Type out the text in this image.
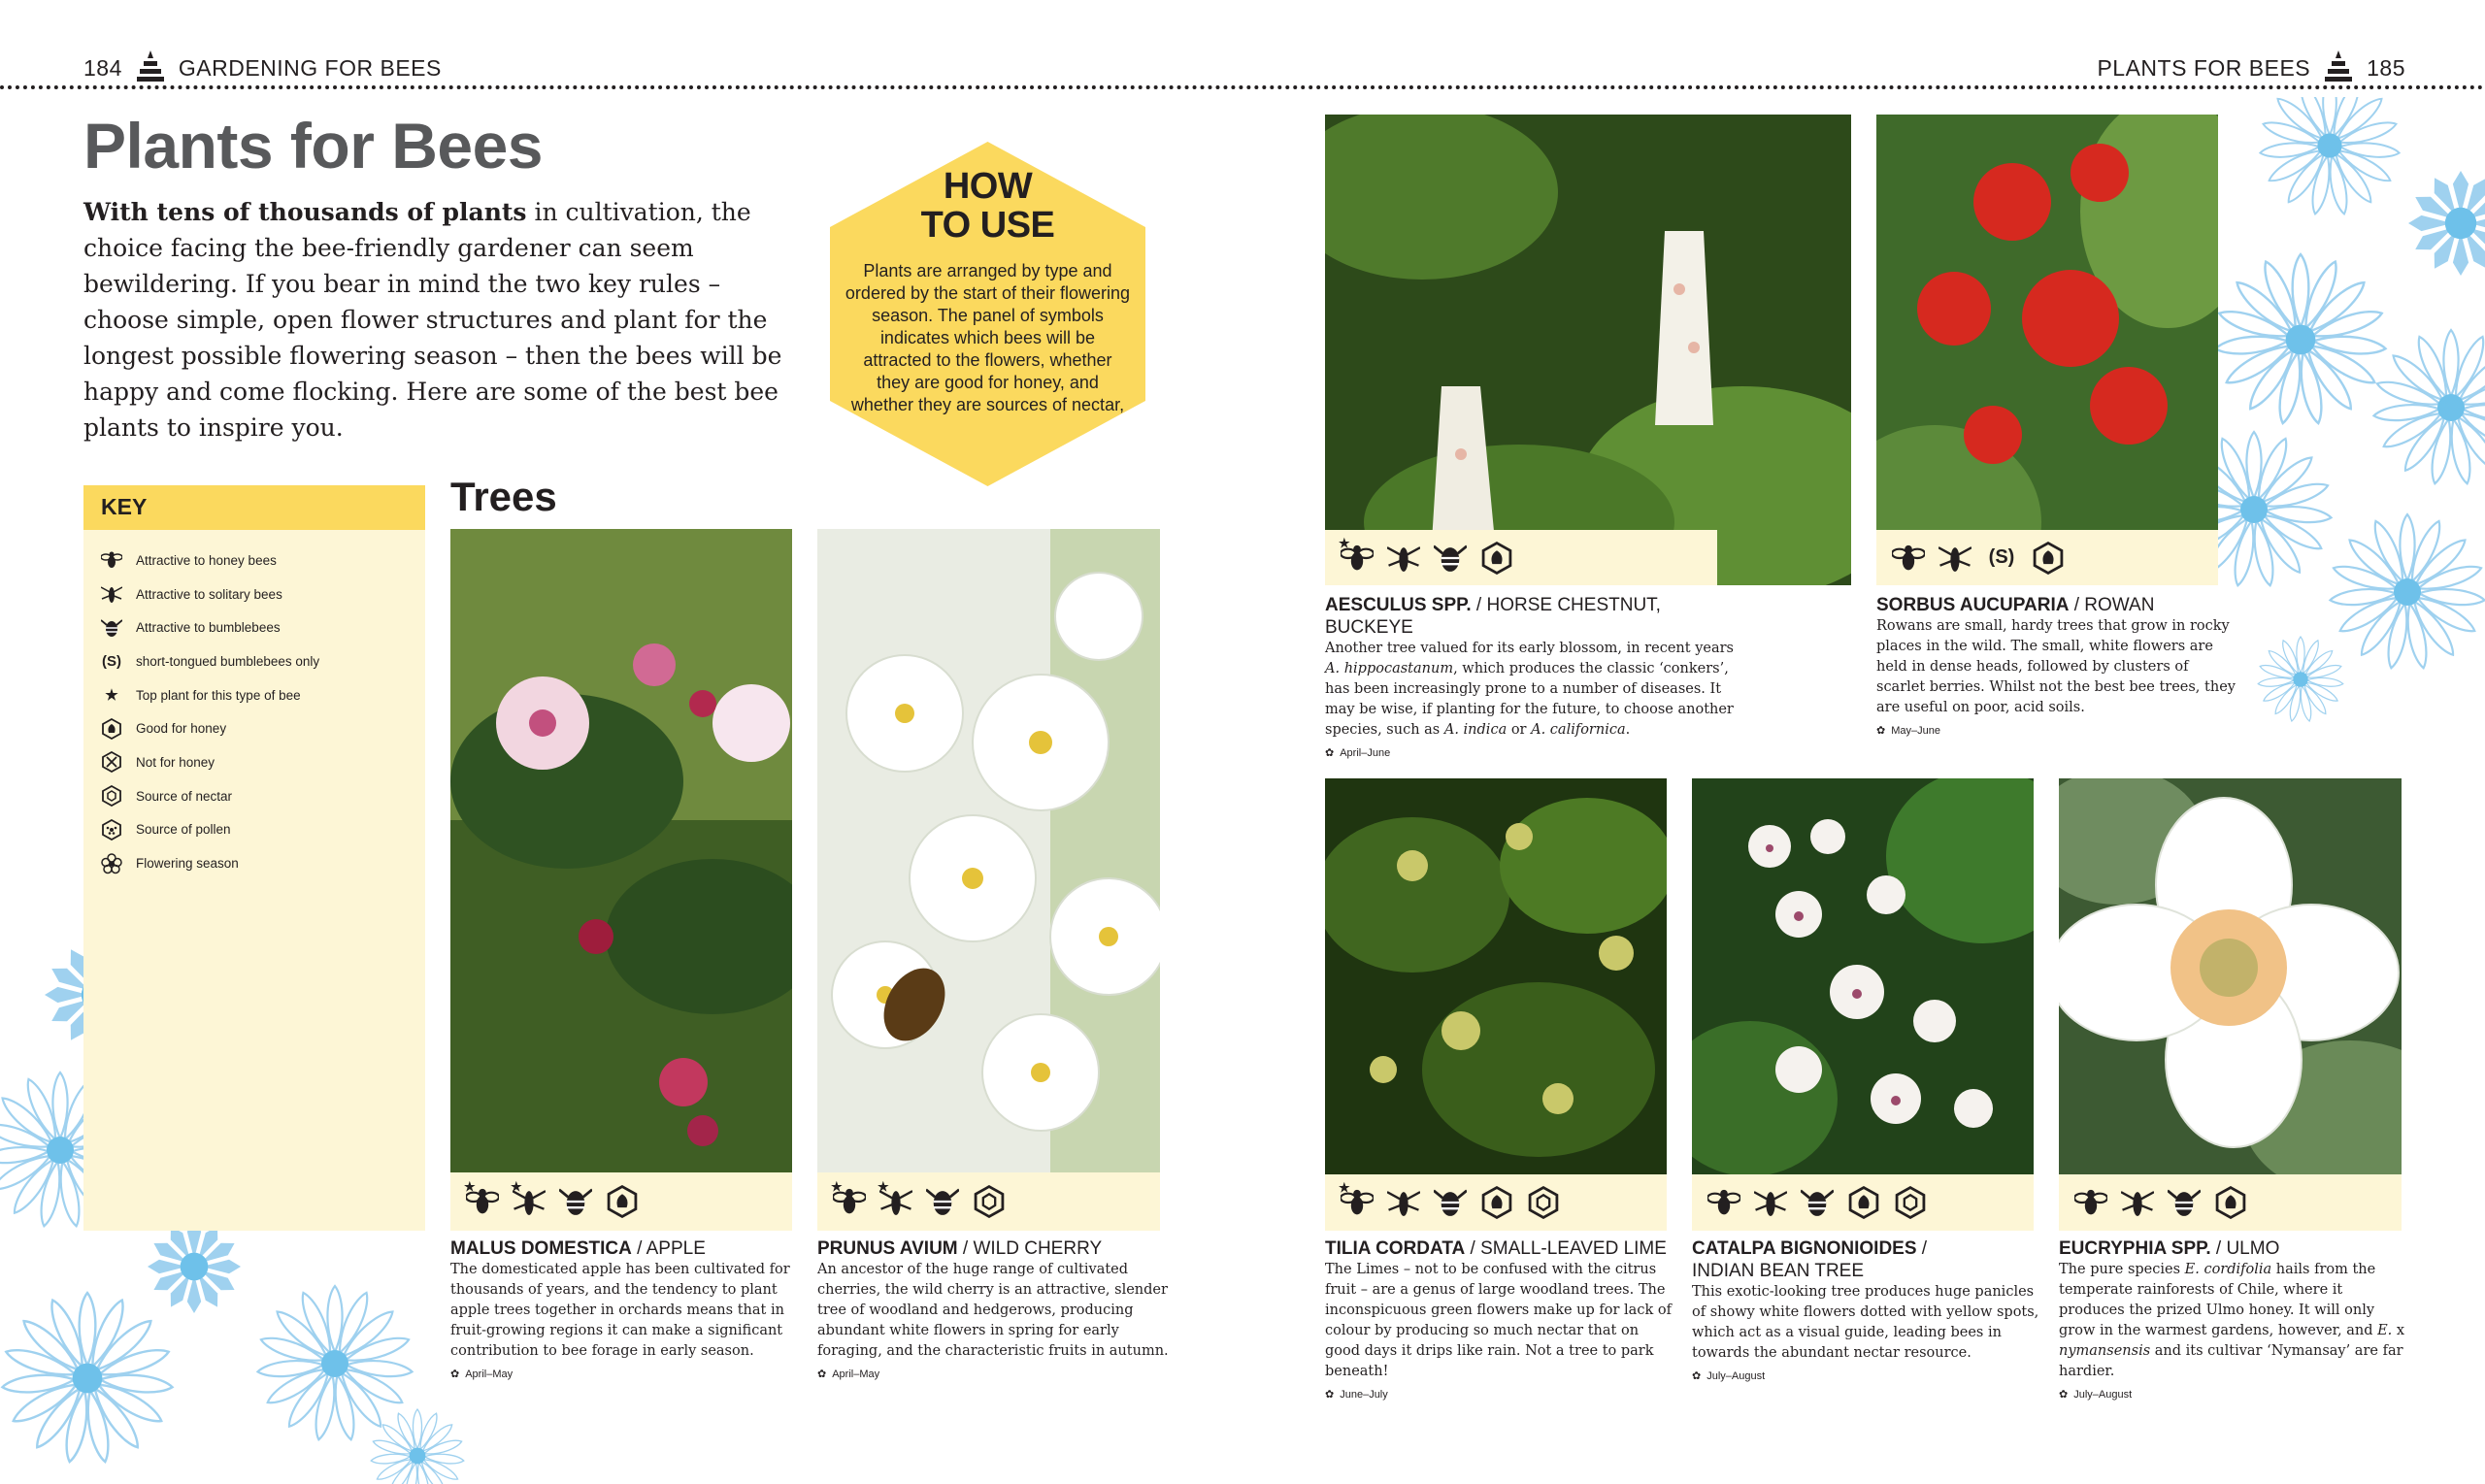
184	GARDENING FOR BEES	PLANTS FOR BEES	185
Plants for Bees
With tens of thousands of plants in cultivation, the choice facing the bee-friendly gardener can seem bewildering. If you bear in mind the two key rules – choose simple, open flower structures and plant for the longest possible flowering season – then the bees will be happy and come flocking. Here are some of the best bee plants to inspire you.
HOW TO USE
Plants are arranged by type and ordered by the start of their flowering season. The panel of symbols indicates which bees will be attracted to the flowers, whether they are good for honey, and whether they are sources of nectar,
KEY
Attractive to honey bees
Attractive to solitary bees
Attractive to bumblebees
(S) short-tongued bumblebees only
★	Top plant for this type of bee
Good for honey
Not for honey
Source of nectar
Source of pollen
Flowering season
Trees
★	★	★	★
★
(S)
★
MALUS DOMESTICA / APPLE
The domesticated apple has been cultivated for thousands of years, and the tendency to plant apple trees together in orchards means that in fruit-growing regions it can make a significant contribution to bee forage in early season.
✿ April–May
PRUNUS AVIUM / WILD CHERRY
An ancestor of the huge range of cultivated cherries, the wild cherry is an attractive, slender tree of woodland and hedgerows, producing abundant white flowers in spring for early foraging, and the characteristic fruits in autumn.
✿ April–May
AESCULUS SPP. / HORSE CHESTNUT, BUCKEYE
Another tree valued for its early blossom, in recent years A. hippocastanum, which produces the classic ‘conkers’, has been increasingly prone to a number of diseases. It may be wise, if planting for the future, to choose another species, such as A. indica or A. californica.
✿ April–June
SORBUS AUCUPARIA / ROWAN
Rowans are small, hardy trees that grow in rocky places in the wild. The small, white flowers are held in dense heads, followed by clusters of scarlet berries. Whilst not the best bee trees, they are useful on poor, acid soils.
✿ May–June
TILIA CORDATA / SMALL-LEAVED LIME
The Limes – not to be confused with the citrus fruit – are a genus of large woodland trees. The inconspicuous green flowers make up for lack of colour by producing so much nectar that on good days it drips like rain. Not a tree to park beneath!
✿ June–July
CATALPA BIGNONIOIDES /
INDIAN BEAN TREE
This exotic-looking tree produces huge panicles of showy white flowers dotted with yellow spots, which act as a visual guide, leading bees in towards the abundant nectar resource.
✿ July–August
EUCRYPHIA SPP. / ULMO
The pure species E. cordifolia hails from the temperate rainforests of Chile, where it produces the prized Ulmo honey. It will only grow in the warmest gardens, however, and E. x nymansensis and its cultivar ‘Nymansay’ are far hardier.
✿ July–August
